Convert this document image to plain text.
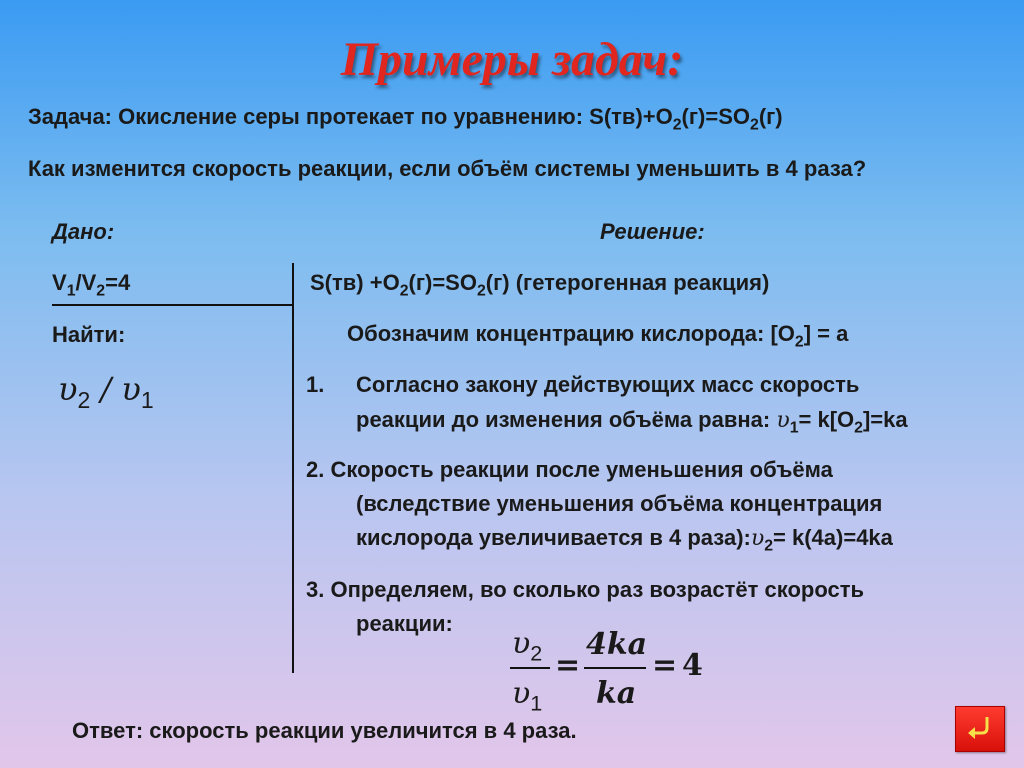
Примеры задач:
Задача: Окисление серы протекает по уравнению: $S(тв)+O_2(г)=SO_2(г)$
Как изменится скорость реакции, если объём системы уменьшить в 4 раза?
Дано:	Решение:
$V_1/V_2=4$
Найти:
$\upsilon_2 / \upsilon_1$
$S(тв) +O_2(г)=SO_2(г)$ (гетерогенная реакция)
Обозначим концентрацию кислорода: $[O_2] = a$
1. Согласно закону действующих масс скорость
реакции до изменения объёма равна: $\upsilon_1= k[O_2]=ka$
2. Скорость реакции после уменьшения объёма
(вследствие уменьшения объёма концентрация
кислорода увеличивается в 4 $раза):\upsilon_2= k(4a)=4ka$
3. Определяем, во сколько раз возрастёт скорость
реакции:
$\upsilon_2$
$\upsilon_1$
=
4ka
ka
= 4
Ответ: скорость реакции увеличится в 4 раза.
